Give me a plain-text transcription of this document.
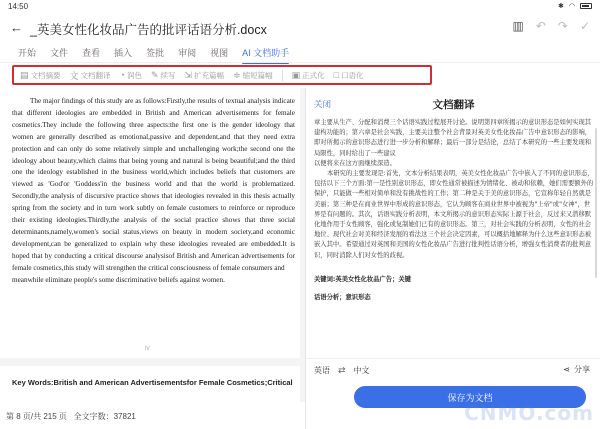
14:50	✱ ◠
← _英美女性化妆品广告的批评话语分析.docx	▥ ↶ ↷ ✓
开始 文件 查看 插入 签批 审阅 视图 AI 文档助手
▤ 文档摘要 文 文档翻译 ◔ 润色 ✎ 续写 ⇲ 扩充篇幅 ≑ 缩短篇幅 ▣ 正式化 □ 口语化

The major findings of this study are as follows:Firstly,the results of textual analysis indicate that different ideologies are embedded in British and American advertisements for female cosmetics.They include the following three aspects:the first one is the gender ideology that women are generally described as emotional,passive and dependent,and that they need extra protection and can only do some relatively simple and unchallenging work;the second one the ideology about beauty,which claims that being young and natural is being beautiful;and the third one the ideology established in the business world,which includes beliefs that customers are viewed as 'God'or 'Goddess'in the business world and that the world is problematized. Secondly,the analysis of discursive practice shows that ideologies revealed in this thesis actually spring from the society and in turn work subtly on female customers to reinforce or reproduce their existing ideologies.Thirdly,the analysis of the social practice shows that three social determinants,namely,women's social status,views on beauty in modern society,and economic development,can be generalized to explain why these ideologies revealed are embedded.It is hoped that by conducting a critical discourse analysisof British and American advertisements for female cosmetics,this study will strengthen the critical consciousness of female consumers and

meanwhile eliminate people's some discriminative beliefs against women.

IV
Key Words:British and American Advertisementsfor Female Cosmetics;Critical
第 8 页/共 215 页 全文字数：37821
文档翻译
关闭

章主要从生产、分配和消费三个话语实践过程展开讨论。说明第四章所揭示的意识形态是如何实现其建构功能的；第六章是社会实践，主要关注整个社会背景对英美女性化妆品广告中意识形态的影响，即对所揭示的意识形态进行进一步分析和解释；最后一部分是结论，总结了本研究的一些主要发现和局限性，同时给出了一些建议

以便将来在这方面继续深造。

本研究的主要发现是:首先，文本分析结果表明，英美女性化妆品广告中嵌入了不同的意识形态，包括以下三个方面:第一是性别意识形态，即女性通常被描述为情绪化、被动和依赖，她们需要额外的保护，只能做一些相对简单和没有挑战性的工作；第二种是关于美的意识形态，它宣称年轻自然就是美丽；第三种是在商业世界中形成的意识形态，它认为顾客在商业世界中被视为"上帝"或"女神"，世界是有问题的。其次，话语实践分析表明，本文所揭示的意识形态实际上源于社会，反过来又潜移默化地作用于女性顾客，强化或复制她们已有的意识形态。第三，对社会实践的分析表明，女性的社会地位、现代社会对美和经济发展的看法这三个社会决定因素，可以概括地解释为什么这些意识形态被嵌入其中。希望通过对英国和美国的女性化妆品广告进行批判性话语分析，增强女性消费者的批判意识，同时消除人们对女性的歧视。

关键词:英美女性化妆品广告；关键

话语分析；意识形态

英语 ⇄ 中文	⋖ 分享
保存为文档
CNMO.com
